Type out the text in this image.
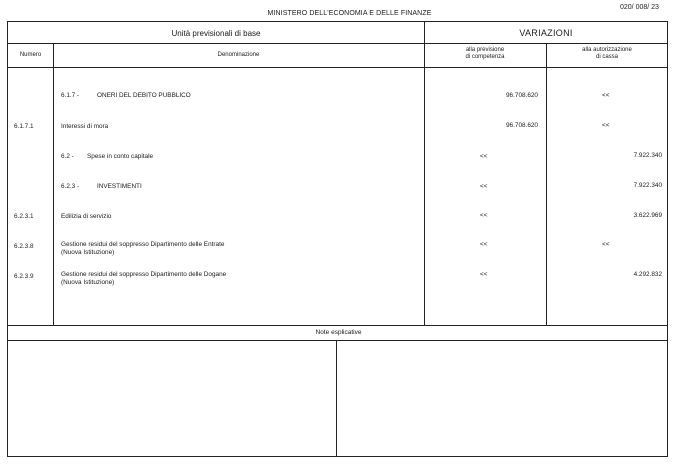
020/ 008/ 23
MINISTERO DELL'ECONOMIA E DELLE FINANZE
Unità previsionali di base	VARIAZIONI
Numero	Denominazione
alla previsione
di competenza
alla autorizzazione
di cassa
6.1.7 -	ONERI DEL DEBITO PUBBLICO	96.708.620	<<
6.1.7.1	Interessi di mora	96.708.620	<<
6.2 - Spese in conto capitale	<<	7.922.340
6.2.3 -	INVESTIMENTI	<<	7.922.340
6.2.3.1	Edilizia di servizio	<<	3.622.969
6.2.3.8	Gestione residui del soppresso Dipartimento delle Entrate
(Nuova Istituzione)
<<	<<
6.2.3.9	Gestione residui del soppresso Dipartimento delle Dogane
(Nuova Istituzione)
<<	4.292.832
Note esplicative
